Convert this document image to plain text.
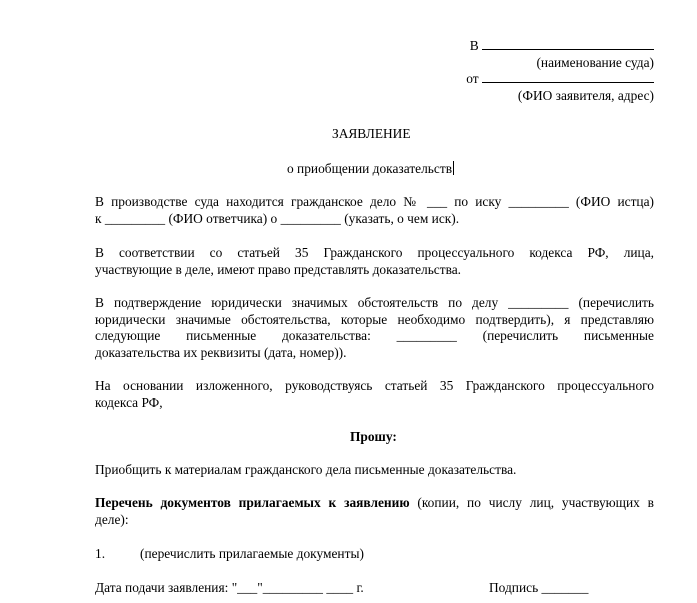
В
(наименование суда)
от
(ФИО заявителя, адрес)
ЗАЯВЛЕНИЕ
о приобщении доказательств
В производстве суда находится гражданское дело № ___ по иску _________ (ФИО истца)
к _________ (ФИО ответчика) о _________ (указать, о чем иск).
В соответствии со статьей 35 Гражданского процессуального кодекса РФ, лица,
участвующие в деле, имеют право представлять доказательства.
В подтверждение юридически значимых обстоятельств по делу _________ (перечислить
юридически значимые обстоятельства, которые необходимо подтвердить), я представляю
следующие письменные доказательства: _________ (перечислить письменные
доказательства их реквизиты (дата, номер)).
На основании изложенного, руководствуясь статьей 35 Гражданского процессуального
кодекса РФ,
Прошу:
Приобщить к материалам гражданского дела письменные доказательства.
Перечень документов прилагаемых к заявлению (копии, по числу лиц, участвующих в
деле):
1.	(перечислить прилагаемые документы)
Дата подачи заявления: "___"_________ ____ г.	Подпись _______
